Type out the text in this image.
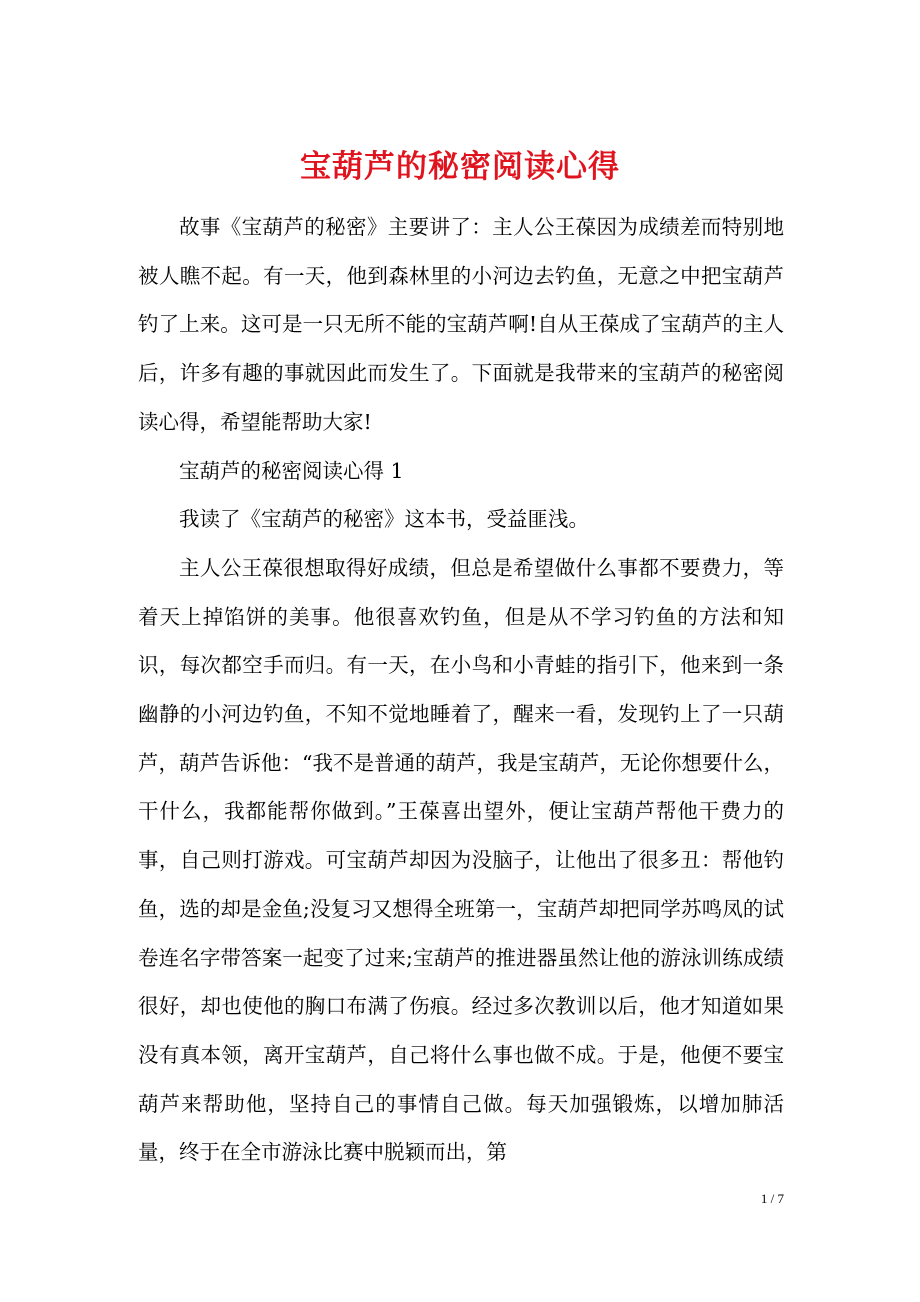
宝葫芦的秘密阅读心得

故事《宝葫芦的秘密》主要讲了：主人公王葆因为成绩差而特别地被人瞧不起。有一天，他到森林里的小河边去钓鱼，无意之中把宝葫芦钓了上来。这可是一只无所不能的宝葫芦啊!自从王葆成了宝葫芦的主人后，许多有趣的事就因此而发生了。下面就是我带来的宝葫芦的秘密阅读心得，希望能帮助大家!

宝葫芦的秘密阅读心得 1

我读了《宝葫芦的秘密》这本书，受益匪浅。

主人公王葆很想取得好成绩，但总是希望做什么事都不要费力，等着天上掉馅饼的美事。他很喜欢钓鱼，但是从不学习钓鱼的方法和知识，每次都空手而归。有一天，在小鸟和小青蛙的指引下，他来到一条幽静的小河边钓鱼，不知不觉地睡着了，醒来一看，发现钓上了一只葫芦，葫芦告诉他：“我不是普通的葫芦，我是宝葫芦，无论你想要什么，干什么，我都能帮你做到。”王葆喜出望外，便让宝葫芦帮他干费力的事，自己则打游戏。可宝葫芦却因为没脑子，让他出了很多丑：帮他钓鱼，选的却是金鱼;没复习又想得全班第一，宝葫芦却把同学苏鸣凤的试卷连名字带答案一起变了过来;宝葫芦的推进器虽然让他的游泳训练成绩很好，却也使他的胸口布满了伤痕。经过多次教训以后，他才知道如果没有真本领，离开宝葫芦，自己将什么事也做不成。于是，他便不要宝葫芦来帮助他，坚持自己的事情自己做。每天加强锻炼，以增加肺活量，终于在全市游泳比赛中脱颖而出，第

1 / 7
